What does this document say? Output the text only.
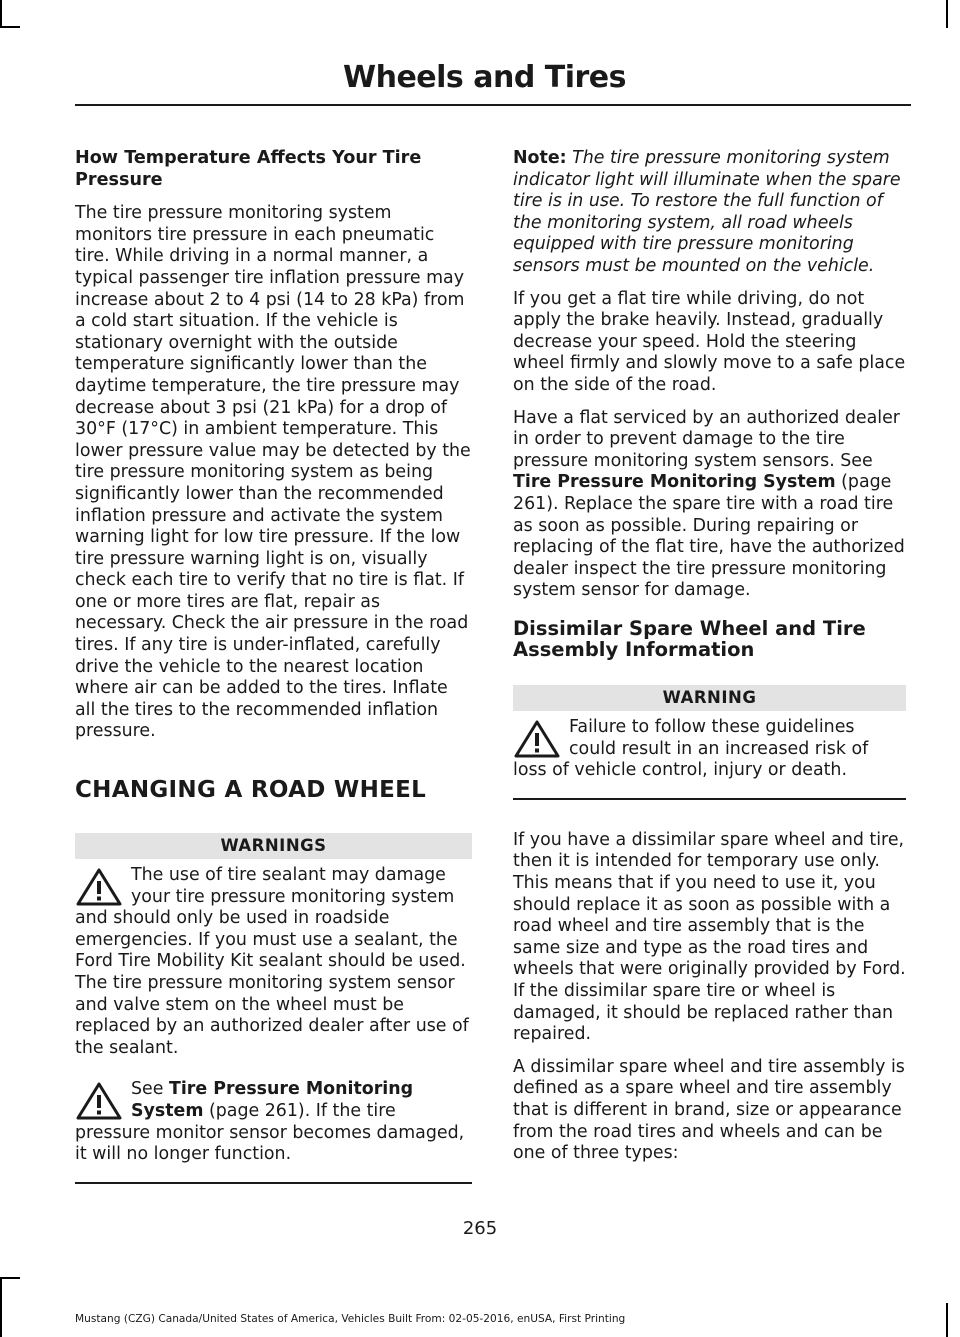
Wheels and Tires
How Temperature Affects Your Tire Pressure

The tire pressure monitoring system monitors tire pressure in each pneumatic tire. While driving in a normal manner, a typical passenger tire inflation pressure may increase about 2 to 4 psi (14 to 28 kPa) from a cold start situation. If the vehicle is stationary overnight with the outside temperature significantly lower than the daytime temperature, the tire pressure may decrease about 3 psi (21 kPa) for a drop of 30°F (17°C) in ambient temperature. This lower pressure value may be detected by the tire pressure monitoring system as being significantly lower than the recommended inflation pressure and activate the system warning light for low tire pressure. If the low tire pressure warning light is on, visually check each tire to verify that no tire is flat. If one or more tires are flat, repair as necessary. Check the air pressure in the road tires. If any tire is under-inflated, carefully drive the vehicle to the nearest location where air can be added to the tires. Inflate all the tires to the recommended inflation pressure.

CHANGING A ROAD WHEEL
WARNINGS

The use of tire sealant may damage your tire pressure monitoring system and should only be used in roadside emergencies. If you must use a sealant, the Ford Tire Mobility Kit sealant should be used. The tire pressure monitoring system sensor and valve stem on the wheel must be replaced by an authorized dealer after use of the sealant.

See Tire Pressure Monitoring System (page 261). If the tire pressure monitor sensor becomes damaged, it will no longer function.

Note: The tire pressure monitoring system indicator light will illuminate when the spare tire is in use. To restore the full function of the monitoring system, all road wheels equipped with tire pressure monitoring sensors must be mounted on the vehicle.

If you get a flat tire while driving, do not apply the brake heavily. Instead, gradually decrease your speed. Hold the steering wheel firmly and slowly move to a safe place on the side of the road.

Have a flat serviced by an authorized dealer in order to prevent damage to the tire pressure monitoring system sensors. See Tire Pressure Monitoring System (page 261). Replace the spare tire with a road tire as soon as possible. During repairing or replacing of the flat tire, have the authorized dealer inspect the tire pressure monitoring system sensor for damage.

Dissimilar Spare Wheel and Tire Assembly Information
WARNING

Failure to follow these guidelines could result in an increased risk of loss of vehicle control, injury or death.

If you have a dissimilar spare wheel and tire, then it is intended for temporary use only. This means that if you need to use it, you should replace it as soon as possible with a road wheel and tire assembly that is the same size and type as the road tires and wheels that were originally provided by Ford. If the dissimilar spare tire or wheel is damaged, it should be replaced rather than repaired.

A dissimilar spare wheel and tire assembly is defined as a spare wheel and tire assembly that is different in brand, size or appearance from the road tires and wheels and can be one of three types:

265
Mustang (CZG) Canada/United States of America, Vehicles Built From: 02-05-2016, enUSA, First Printing
